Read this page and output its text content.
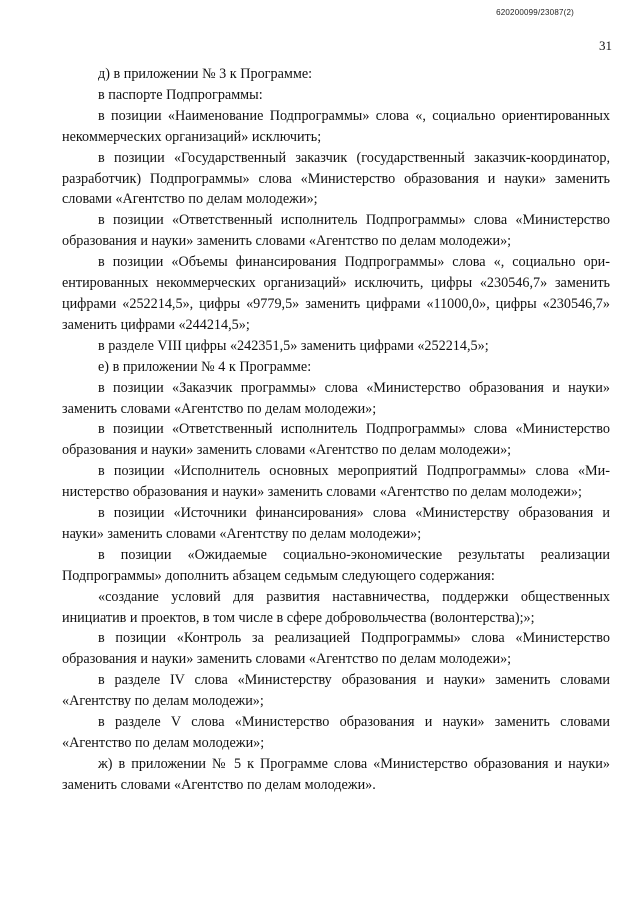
620200099/23087(2)
31

д) в приложении № 3 к Программе:

в паспорте Подпрограммы:

в позиции «Наименование Подпрограммы» слова «, социально ориентированных некоммерческих организаций» исключить;

в позиции «Государственный заказчик (государственный заказчик-координатор, разработчик) Подпрограммы» слова «Министерство образования и науки» заменить словами «Агентство по делам молодежи»;

в позиции «Ответственный исполнитель Подпрограммы» слова «Министерство образования и науки» заменить словами «Агентство по делам молодежи»;

в позиции «Объемы финансирования Подпрограммы» слова «, социально ориентированных некоммерческих организаций» исключить, цифры «230546,7» заменить цифрами «252214,5», цифры «9779,5» заменить цифрами «11000,0», цифры «230546,7» заменить цифрами «244214,5»;

в разделе VIII цифры «242351,5» заменить цифрами «252214,5»;

е) в приложении № 4 к Программе:

в позиции «Заказчик программы» слова «Министерство образования и науки» заменить словами «Агентство по делам молодежи»;

в позиции «Ответственный исполнитель Подпрограммы» слова «Министерство образования и науки» заменить словами «Агентство по делам молодежи»;

в позиции «Исполнитель основных мероприятий Подпрограммы» слова «Министерство образования и науки» заменить словами «Агентство по делам молодежи»;

в позиции «Источники финансирования» слова «Министерству образования и науки» заменить словами «Агентству по делам молодежи»;

в позиции «Ожидаемые социально-экономические результаты реализации Подпрограммы» дополнить абзацем седьмым следующего содержания:

«создание условий для развития наставничества, поддержки общественных инициатив и проектов, в том числе в сфере добровольчества (волонтерства);»;

в позиции «Контроль за реализацией Подпрограммы» слова «Министерство образования и науки» заменить словами «Агентство по делам молодежи»;

в разделе IV слова «Министерству образования и науки» заменить словами «Агентству по делам молодежи»;

в разделе V слова «Министерство образования и науки» заменить словами «Агентство по делам молодежи»;

ж) в приложении № 5 к Программе слова «Министерство образования и науки» заменить словами «Агентство по делам молодежи».
